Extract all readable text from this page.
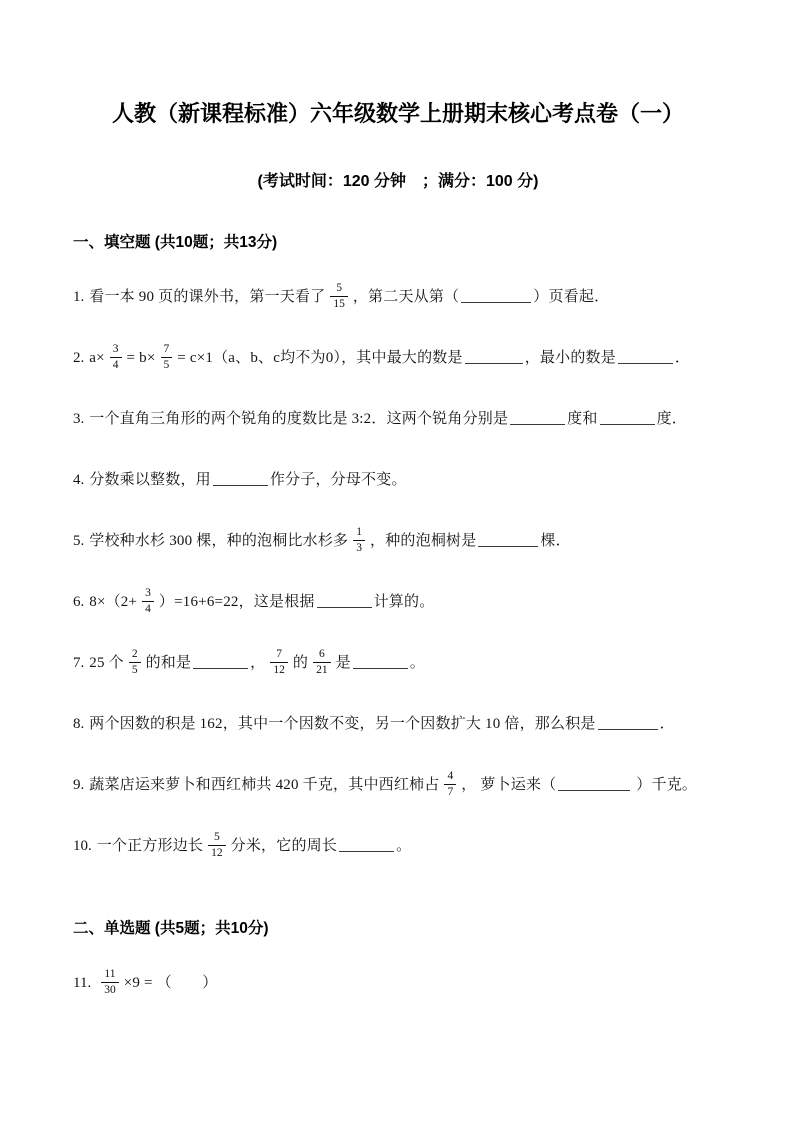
人教（新课程标准）六年级数学上册期末核心考点卷（一）
(考试时间：120 分钟　；满分：100 分)
一、填空题 (共10题；共13分)
1. 看一本 90 页的课外书，第一天看了 $\frac{5}{15}$ ，第二天从第（	）页看起．
2. $a\times \frac{3}{4} = b\times \frac{7}{5} = c\times 1(a$、b、c均不为0），其中最大的数是	，最小的数是	．
3. 一个直角三角形的两个锐角的度数比是 3:2．这两个锐角分别是	度和	度．
4. 分数乘以整数，用	作分子，分母不变。
5. 学校种水杉 300 棵，种的泡桐比水杉多 $\frac{1}{3}$ ，种的泡桐树是	棵．
6. $8\times(2+ \frac{3}{4} )=16+6=22$，这是根据	计算的。
7. 25 个 $\frac{2}{5}$ 的和是	， $\frac{7}{12}$ 的 $\frac{6}{21}$ 是	。
8. 两个因数的积是 162，其中一个因数不变，另一个因数扩大 10 倍，那么积是	．
9. 蔬菜店运来萝卜和西红柿共 420 千克，其中西红柿占 $\frac{4}{7}$ ， 萝卜运来（	）千克。
10. 一个正方形边长 $\frac{5}{12}$ 分米，它的周长	。
二、单选题 (共5题；共10分)
11. $\frac{11}{30} \times 9$ = （　　）
